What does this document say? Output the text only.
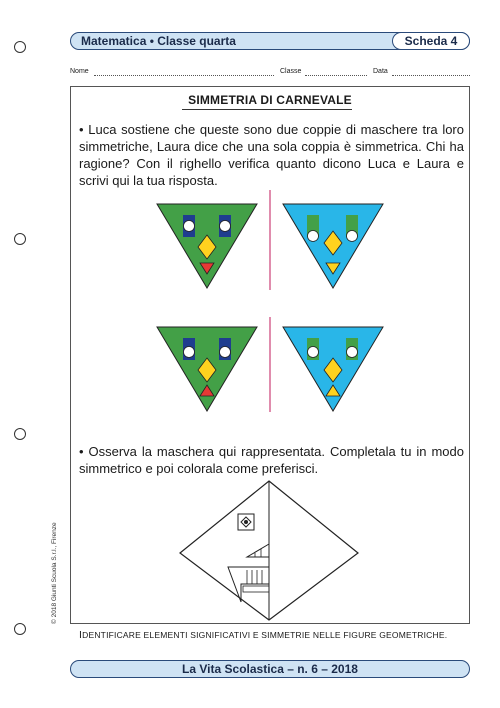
Matematica • Classe quarta	Scheda 4
Nome	Classe	Data
© 2018 Giunti Scuola S.r.l., Firenze
SIMMETRIA DI CARNEVALE
• Luca sostiene che queste sono due coppie di maschere tra loro simmetriche, Laura dice che una sola coppia è simmetrica. Chi ha ragione? Con il righello verifica quanto dicono Luca e Laura e scrivi qui la tua risposta.
• Osserva la maschera qui rappresentata. Completala tu in modo simmetrico e poi colorala come preferisci.
IDENTIFICARE ELEMENTI SIGNIFICATIVI E SIMMETRIE NELLE FIGURE GEOMETRICHE.
La Vita Scolastica – n. 6 – 2018
